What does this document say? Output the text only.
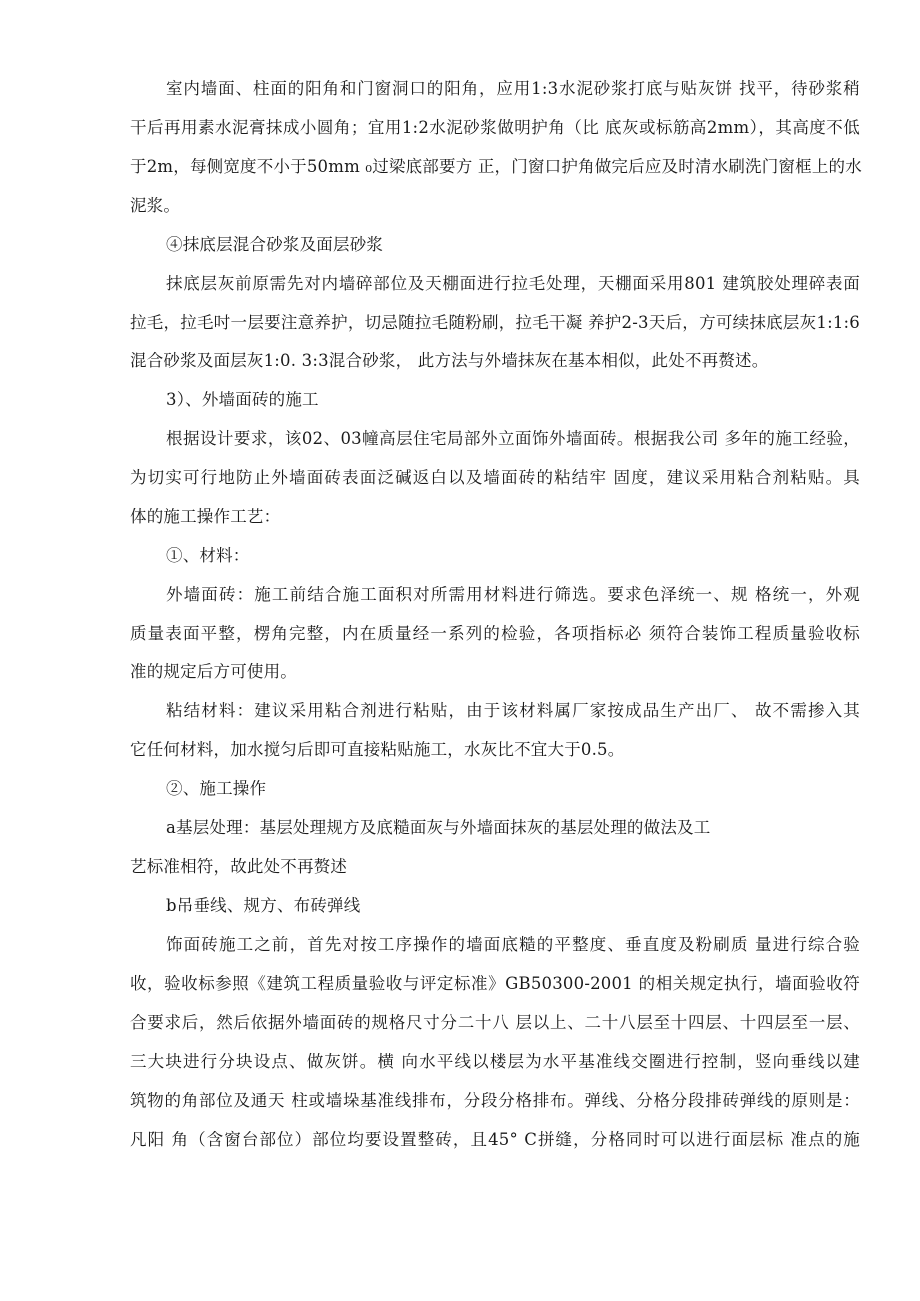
室内墙面、柱面的阳角和门窗洞口的阳角，应用1:3水泥砂浆打底与贴灰饼 找平，待砂浆稍
干后再用素水泥膏抹成小圆角；宜用1:2水泥砂浆做明护角（比 底灰或标筋高2mm），其高度不低
于2m，每侧宽度不小于50mm ₀过梁底部要方 正，门窗口护角做完后应及时清水刷洗门窗框上的水
泥浆。
④抹底层混合砂浆及面层砂浆
抹底层灰前原需先对内墙碎部位及天棚面进行拉毛处理，天棚面采用801 建筑胶处理碎表面
拉毛，拉毛吋一层要注意养护，切忌随拉毛随粉刷，拉毛干凝 养护2-3天后，方可续抹底层灰1:1:6
混合砂浆及面层灰1:0. 3:3混合砂浆， 此方法与外墙抹灰在基本相似，此处不再赘述。
3）、外墙面砖的施工
根据设计要求，该02、03幢高层住宅局部外立面饰外墙面砖。根据我公司 多年的施工经验，
为切实可行地防止外墙面砖表面泛碱返白以及墙面砖的粘结牢 固度，建议采用粘合剂粘贴。具
体的施工操作工艺：
①、材料：
外墙面砖：施工前结合施工面积对所需用材料进行筛选。要求色泽统一、规 格统一，外观
质量表面平整，楞角完整，内在质量经一系列的检验，各项指标必 须符合装饰工程质量验收标
准的规定后方可使用。
粘结材料：建议采用粘合剂进行粘贴，由于该材料属厂家按成品生产出厂、 故不需掺入其
它任何材料，加水搅匀后即可直接粘贴施工，水灰比不宜大于0.5。
②、施工操作
a基层处理：基层处理规方及底糙面灰与外墙面抹灰的基层处理的做法及工
艺标准相符，故此处不再赘述
b吊垂线、规方、布砖弹线
饰面砖施工之前，首先对按工序操作的墙面底糙的平整度、垂直度及粉刷质 量进行综合验
收，验收标参照《建筑工程质量验收与评定标准》GB50300-2001 的相关规定执行，墙面验收符
合要求后，然后依据外墙面砖的规格尺寸分二十八 层以上、二十八层至十四层、十四层至一层、
三大块进行分块设点、做灰饼。横 向水平线以楼层为水平基准线交圈进行控制，竖向垂线以建
筑物的角部位及通天 柱或墙垛基准线排布，分段分格排布。弹线、分格分段排砖弹线的原则是：
凡阳 角（含窗台部位）部位均要设置整砖，且45° C拼缝，分格同时可以进行面层标 准点的施
